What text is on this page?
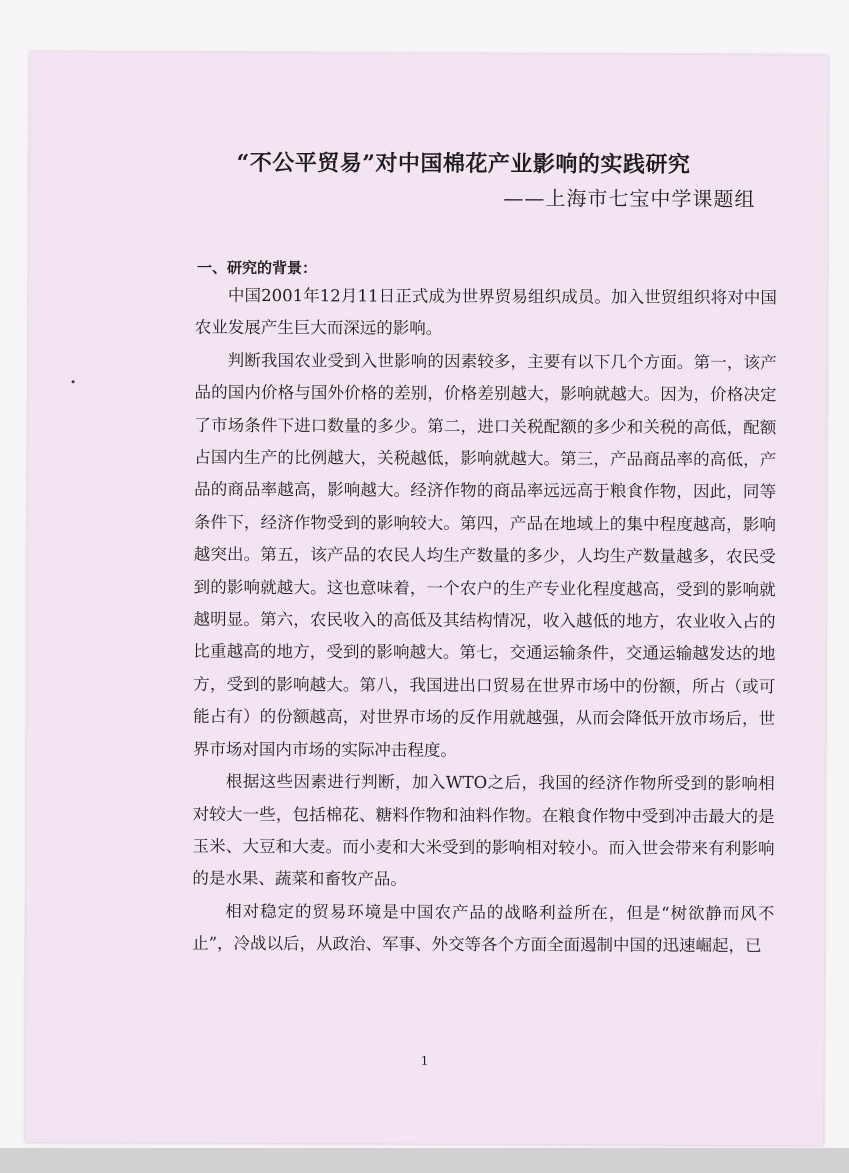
“不公平贸易”对中国棉花产业影响的实践研究
——上海市七宝中学课题组
一、研究的背景：

中国2001年12月11日正式成为世界贸易组织成员。加入世贸组织将对中国农业发展产生巨大而深远的影响。

判断我国农业受到入世影响的因素较多，主要有以下几个方面。第一，该产品的国内价格与国外价格的差别，价格差别越大，影响就越大。因为，价格决定了市场条件下进口数量的多少。第二，进口关税配额的多少和关税的高低，配额占国内生产的比例越大，关税越低，影响就越大。第三，产品商品率的高低，产品的商品率越高，影响越大。经济作物的商品率远远高于粮食作物，因此，同等条件下，经济作物受到的影响较大。第四，产品在地域上的集中程度越高，影响越突出。第五，该产品的农民人均生产数量的多少，人均生产数量越多，农民受到的影响就越大。这也意味着，一个农户的生产专业化程度越高，受到的影响就越明显。第六，农民收入的高低及其结构情况，收入越低的地方，农业收入占的比重越高的地方，受到的影响越大。第七，交通运输条件，交通运输越发达的地方，受到的影响越大。第八，我国进出口贸易在世界市场中的份额，所占（或可能占有）的份额越高，对世界市场的反作用就越强，从而会降低开放市场后，世界市场对国内市场的实际冲击程度。

根据这些因素进行判断，加入WTO之后，我国的经济作物所受到的影响相对较大一些，包括棉花、糖料作物和油料作物。在粮食作物中受到冲击最大的是玉米、大豆和大麦。而小麦和大米受到的影响相对较小。而入世会带来有利影响的是水果、蔬菜和畜牧产品。

相对稳定的贸易环境是中国农产品的战略利益所在，但是“树欲静而风不止”，冷战以后，从政治、军事、外交等各个方面全面遏制中国的迅速崛起，已

1
